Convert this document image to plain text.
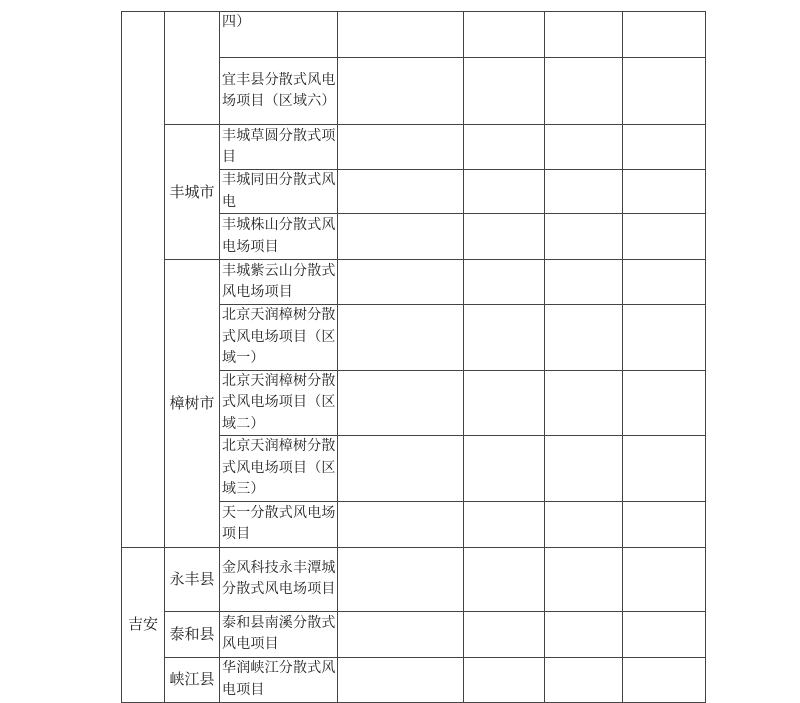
		四）				

		宜丰县分散式风电场项目（区域六）				

	丰城市	丰城草圆分散式项目				

		丰城同田分散式风电				

		丰城株山分散式风电场项目				

	樟树市	丰城紫云山分散式风电场项目				

		北京天润樟树分散式风电场项目（区域一）				

		北京天润樟树分散式风电场项目（区域二）				

		北京天润樟树分散式风电场项目（区域三）				

		天一分散式风电场项目				

吉安	永丰县	金风科技永丰潭城分散式风电场项目				

	泰和县	泰和县南溪分散式风电项目				

	峡江县	华润峡江分散式风电项目				
